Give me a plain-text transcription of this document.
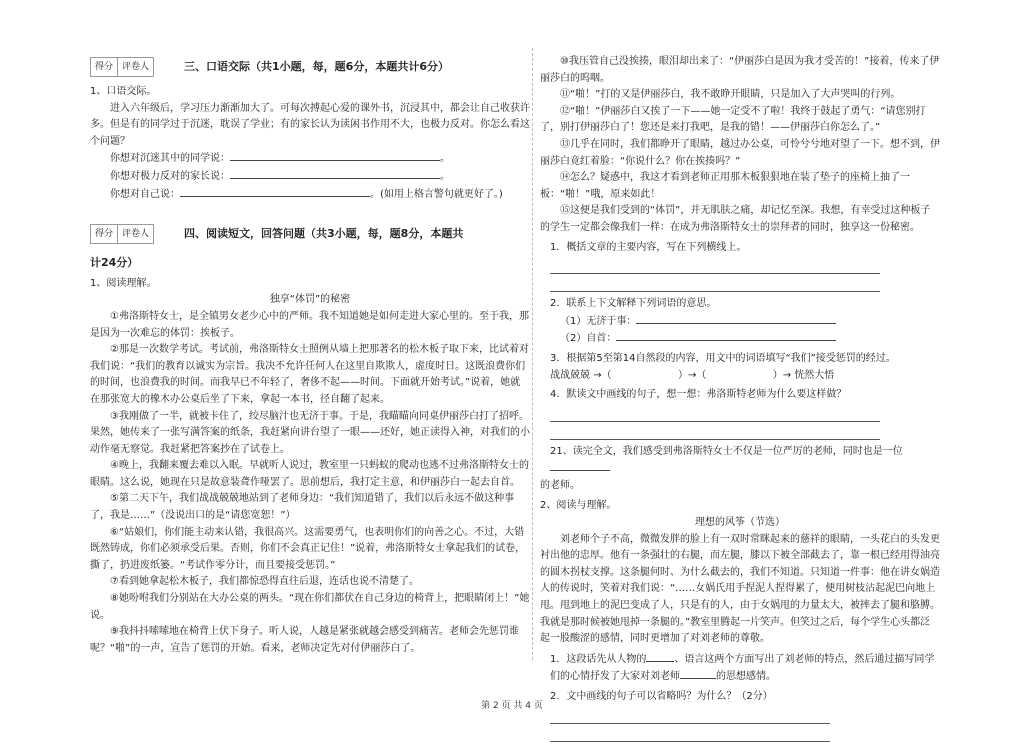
得分	评卷人	三、口语交际（共1小题，每，题6分，本题共计6分）

1、口语交际。

进入六年级后，学习压力渐渐加大了。可每次搏起心爱的课外书，沉浸其中，都会让自己收获许多。但是有的同学过于沉迷，耽误了学业；有的家长认为读闲书作用不大，也极力反对。你怎么看这个问题？

你想对沉迷其中的同学说：	。

你想对极力反对的家长说：	。

你想对自己说：	。(如用上格言警句就更好了。)

得分	评卷人	四、阅读短文，回答问题（共3小题，每，题8分，本题共

计24分）

1、阅读理解。

独享“体罚”的秘密

①弗洛斯特女士，是全镇男女老少心中的严师。我不知道她是如何走进大家心里的。至于我，那是因为一次难忘的体罚：挨板子。

②那是一次数学考试。考试前，弗洛斯特女士照例从墙上把那著名的松木板子取下来，比试着对我们说：“我们的教育以诚实为宗旨。我决不允许任何人在这里自欺欺人，虚度时日。这既浪费你们的时间，也浪费我的时间。而我早已不年轻了，奢侈不起——时间。下面就开始考试。”说着，她就在那张宽大的橡木办公桌后坐了下来，拿起一本书，径自翻了起来。

③我刚做了一半，就被卡住了，绞尽脑汁也无济于事。于是，我瞄瞄向同桌伊丽莎白打了招呼。果然，她传来了一张写满答案的纸条，我赶紧向讲台望了一眼——还好，她正读得入神，对我们的小动作毫无察觉。我赶紧把答案抄在了试卷上。

④晚上，我翻来覆去难以入眠。早就听人说过，教室里一只蚂蚁的爬动也逃不过弗洛斯特女士的眼睛。这么说，她现在只是故意装聋作哑罢了。思前想后，我打定主意，和伊丽莎白一起去自首。

⑤第二天下午，我们战战兢兢地站到了老师身边：“我们知道错了，我们以后永远不做这种事了，我是……”（没说出口的是“请您宽恕！”）

⑥“姑娘们，你们能主动来认错，我很高兴。这需要勇气，也表明你们的向善之心。不过，大错既然铸成，你们必须承受后果。否则，你们不会真正记住！”说着，弗洛斯特女士拿起我们的试卷，撕了，扔进废纸篓。“考试作零分计，而且要接受惩罚。”

⑦看到她拿起松木板子，我们都惊恐得直往后退，连话也说不清楚了。

⑧她吩咐我们分别站在大办公桌的两头。“现在你们都伏在自己身边的椅背上，把眼睛闭上！”她说。

⑨我抖抖嗦嗦地在椅背上伏下身子。听人说，人越是紧张就越会感受到痛苦。老师会先惩罚谁呢？“啪”的一声，宣告了惩罚的开始。看来，老师决定先对付伊丽莎白了。

⑩我压管自己没挨揍，眼泪却出来了：“伊丽莎白是因为我才受苦的！”接着，传来了伊丽莎白的呜咽。

⑪“啪！”打的又是伊丽莎白，我不敢睁开眼睛，只是加入了大声哭叫的行列。

⑫“啪！”伊丽莎白又挨了一下——她一定受不了啦！我终于鼓起了勇气：“请您别打了，别打伊丽莎白了！您还是来打我吧，是我的错！——伊丽莎白你怎么了。”

⑬几乎在同时，我们都睁开了眼睛，越过办公桌，可怜兮兮地对望了一下。想不到，伊丽莎白竟红着脸：“你说什么？你在挨揍吗？”

⑭怎么？疑惑中，我这才看到老师正用那木板狠狠地在装了垫子的座椅上抽了一板：“啪！”哦，原来如此！

⑮这便是我们受到的“体罚”，并无肌肤之痛，却记忆至深。我想，有幸受过这种板子的学生一定都会像我们一样：在成为弗洛斯特女士的崇拜者的同时，独享这一份秘密。

1．概括文章的主要内容，写在下列横线上。

2．联系上下文解释下列词语的意思。

（1）无济于事：

（2）自首：

3．根据第5至第14自然段的内容，用文中的词语填写“我们”接受惩罚的经过。

战战兢兢 →（	）→（	）→ 恍然大悟

4．默读文中画线的句子，想一想：弗洛斯特老师为什么要这样做？

21、读完全文，我们感受到弗洛斯特女士不仅是一位严厉的老师，同时也是一位

的老师。

2、阅读与理解。

理想的风筝（节选）

刘老师个子不高，微微发胖的脸上有一双时常眯起来的慈祥的眼睛，一头花白的头发更衬出他的忠厚。他有一条强壮的右腿，而左腿，膝以下被全部截去了，靠一根已经用得油亮的圆木拐杖支撑。这条腿何时、为什么截去的，我们不知道。只知道一件事：他在讲女娲造人的传说时，笑着对我们说：“……女娲氏用手捏泥人捏得累了，便用树枝沾起泥巴向地上甩。甩到地上的泥巴变成了人，只是有的人，由于女娲甩的力量太大，被摔去了腿和胳膊。我就是那时候被她甩掉一条腿的。”教室里腾起一片笑声。但笑过之后，每个学生心头都泛起一股酸涩的感情，同时更增加了对刘老师的尊敬。

1．这段话先从人物的	、语言这两个方面写出了刘老师的特点，然后通过描写同学们的心情抒发了大家对刘老师	的思想感情。

2．文中画线的句子可以省略吗？为什么？（2分）

第 2 页 共 4 页
